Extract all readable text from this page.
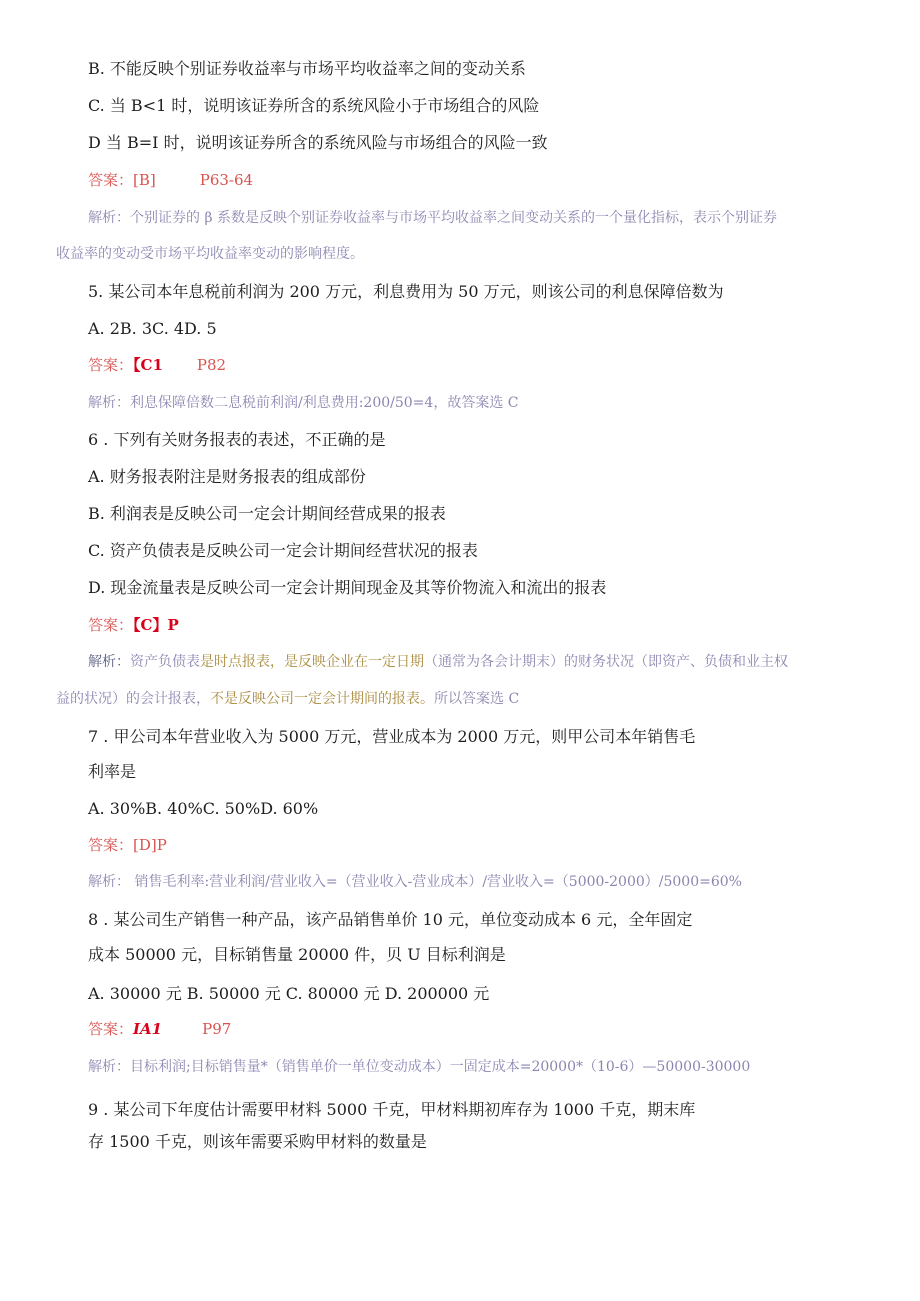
B. 不能反映个别证券收益率与市场平均收益率之间的变动关系
C. 当 B<1 时，说明该证券所含的系统风险小于市场组合的风险
D 当 B=I 时，说明该证券所含的系统风险与市场组合的风险一致
答案：[B]	P63-64
解析：个别证券的 β 系数是反映个别证券收益率与市场平均收益率之间变动关系的一个量化指标，表示个别证券
收益率的变动受市场平均收益率变动的影响程度。
5. 某公司本年息税前利润为 200 万元，利息费用为 50 万元，则该公司的利息保障倍数为
A. 2B. 3C. 4D. 5
答案：【C1 P82
解析：利息保障倍数二息税前利润/利息费用:200/50=4，故答案选 C
6 . 下列有关财务报表的表述，不正确的是
A. 财务报表附注是财务报表的组成部份
B. 利润表是反映公司一定会计期间经营成果的报表
C. 资产负债表是反映公司一定会计期间经营状况的报表
D. 现金流量表是反映公司一定会计期间现金及其等价物流入和流出的报表
答案：【C】P
解析：资产负债表是时点报表，是反映企业在一定日期（通常为各会计期末）的财务状况（即资产、负债和业主权
益的状况）的会计报表，不是反映公司一定会计期间的报表。所以答案选 C
7 . 甲公司本年营业收入为 5000 万元，营业成本为 2000 万元，则甲公司本年销售毛
利率是
A. 30%B. 40%C. 50%D. 60%
答案：[D]P
解析： 销售毛利率:营业利润/营业收入=（营业收入-营业成本）/营业收入=（5000-2000）/5000=60%
8 . 某公司生产销售一种产品，该产品销售单价 10 元，单位变动成本 6 元，全年固定
成本 50000 元，目标销售量 20000 件，贝 U 目标利润是
A. 30000 元 B. 50000 元 C. 80000 元 D. 200000 元
答案：IA1	P97
解析：目标利润;目标销售量*（销售单价一单位变动成本）一固定成本=20000*（10-6）—50000-30000
9 . 某公司下年度估计需要甲材料 5000 千克，甲材料期初库存为 1000 千克，期末库
存 1500 千克，则该年需要采购甲材料的数量是
